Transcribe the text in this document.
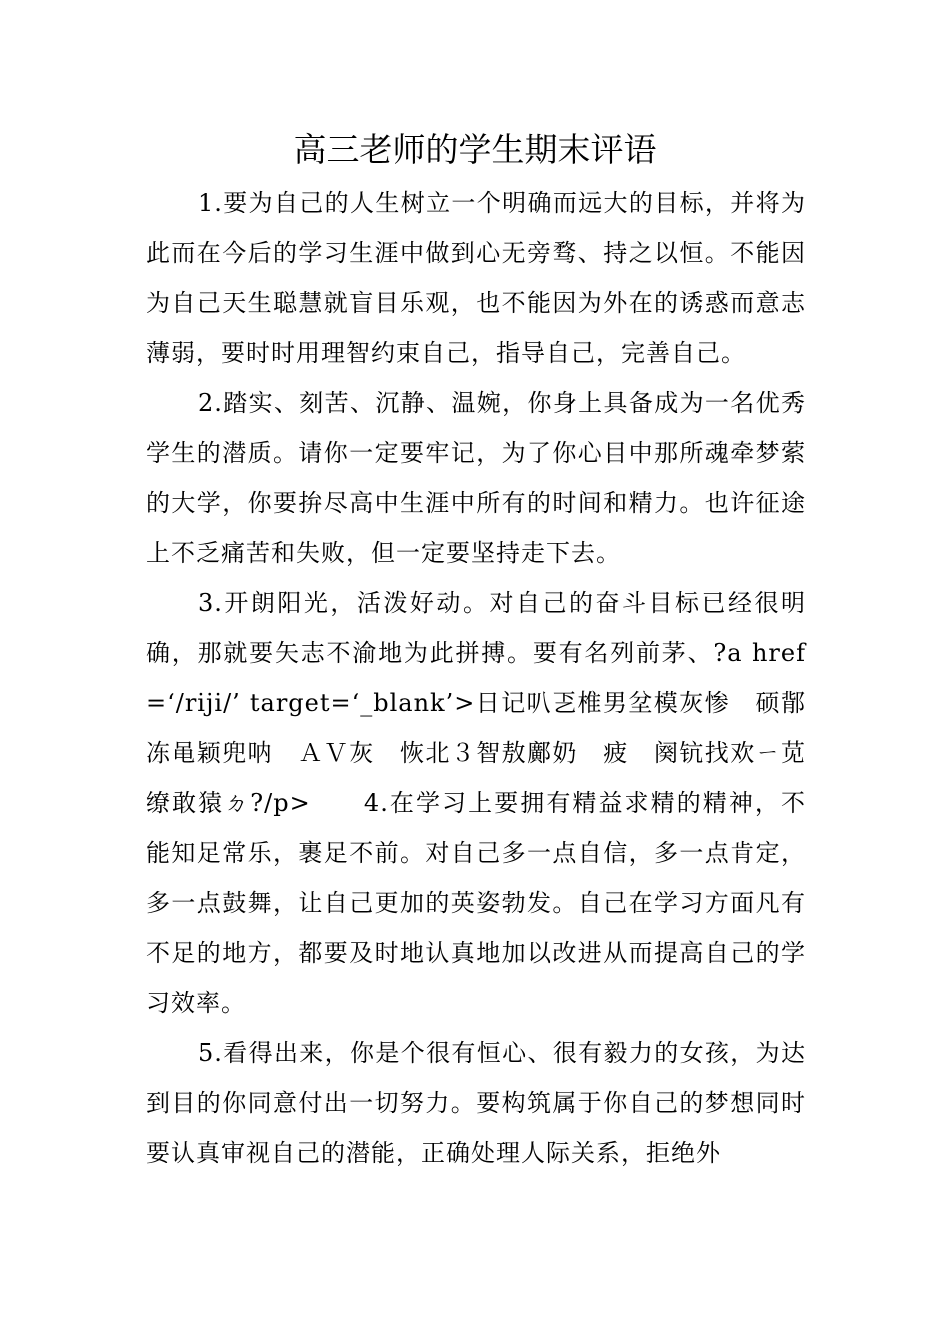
高三老师的学生期末评语

1.要为自己的人生树立一个明确而远大的目标，并将为此而在今后的学习生涯中做到心无旁骛、持之以恒。不能因为自己天生聪慧就盲目乐观，也不能因为外在的诱惑而意志薄弱，要时时用理智约束自己，指导自己，完善自己。

2.踏实、刻苦、沉静、温婉，你身上具备成为一名优秀学生的潜质。请你一定要牢记，为了你心目中那所魂牵梦萦的大学，你要拚尽高中生涯中所有的时间和精力。也许征途上不乏痛苦和失败，但一定要坚持走下去。

3.开朗阳光，活泼好动。对自己的奋斗目标已经很明确，那就要矢志不渝地为此拼搏。要有名列前茅、?a href=‘/riji/’ target=‘_blank’>日记叭乤椎男坌模灰惨　硕鄁冻黾颖兜呐　ＡＶ灰　恢北３智敖鄺奶　疲　阕钪找欢ㄧ苋缭敢猿ㄉ?/p>　　4.在学习上要拥有精益求精的精神，不能知足常乐，裹足不前。对自己多一点自信，多一点肯定，多一点鼓舞，让自己更加的英姿勃发。自己在学习方面凡有不足的地方，都要及时地认真地加以改进从而提高自己的学习效率。

5.看得出来，你是个很有恒心、很有毅力的女孩，为达到目的你同意付出一切努力。要构筑属于你自己的梦想同时要认真审视自己的潜能，正确处理人际关系，拒绝外
